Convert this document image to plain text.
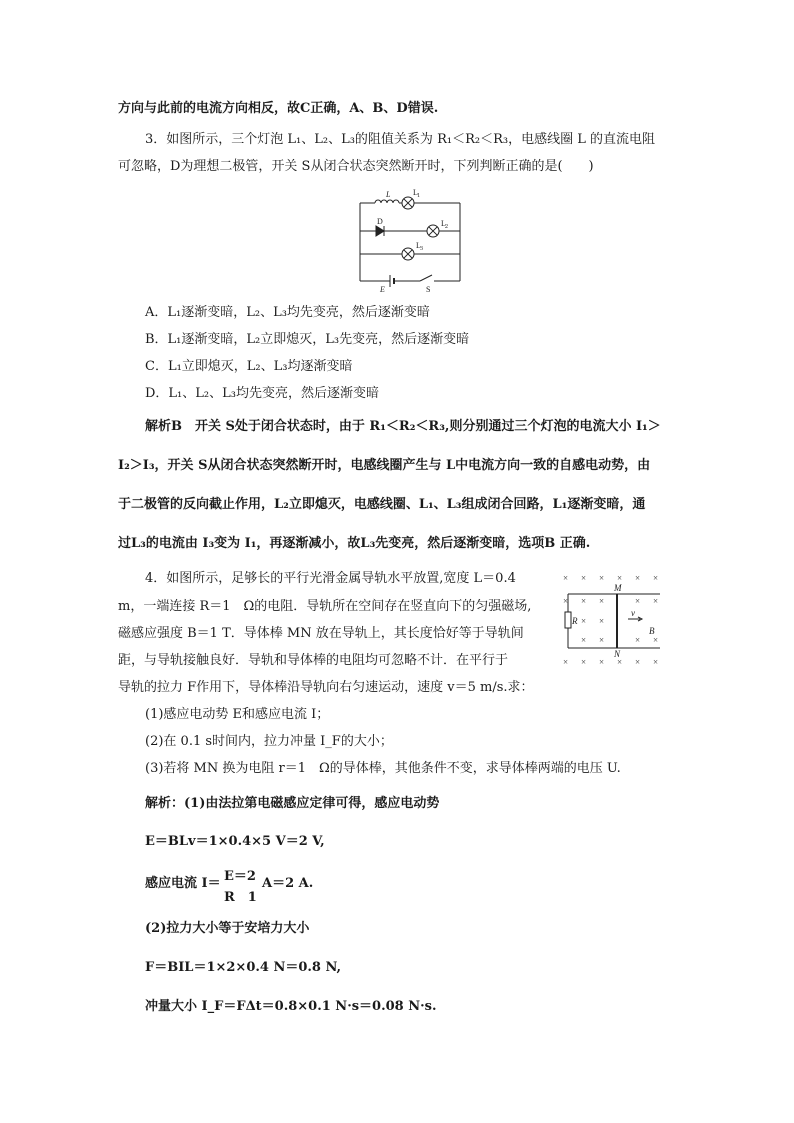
方向与此前的电流方向相反，故C正确，A、B、D错误.
3．如图所示，三个灯泡 L₁、L₂、L₃的阻值关系为 R₁＜R₂＜R₃，电感线圈 L 的直流电阻
可忽略，D为理想二极管，开关 S从闭合状态突然断开时，下列判断正确的是(　　)
L	L 1
D	L 2
L 3
E	S
A．L₁逐渐变暗，L₂、L₃均先变亮，然后逐渐变暗
B．L₁逐渐变暗，L₂立即熄灭，L₃先变亮，然后逐渐变暗
C．L₁立即熄灭，L₂、L₃均逐渐变暗
D．L₁、L₂、L₃均先变亮，然后逐渐变暗
解析B　开关 S处于闭合状态时，由于 R₁＜R₂＜R₃,则分别通过三个灯泡的电流大小 I₁＞
I₂＞I₃，开关 S从闭合状态突然断开时，电感线圈产生与 L中电流方向一致的自感电动势，由
于二极管的反向截止作用，L₂立即熄灭，电感线圈、L₁、L₃组成闭合回路，L₁逐渐变暗，通
过L₃的电流由 I₃变为 I₁，再逐渐减小，故L₃先变亮，然后逐渐变暗，选项B 正确.
4．如图所示，足够长的平行光滑金属导轨水平放置,宽度 L＝0.4
m，一端连接 R＝1　Ω的电阻．导轨所在空间存在竖直向下的匀强磁场,
磁感应强度 B＝1 T．导体棒 MN 放在导轨上，其长度恰好等于导轨间
距，与导轨接触良好．导轨和导体棒的电阻均可忽略不计．在平行于
导轨的拉力 F作用下，导体棒沿导轨向右匀速运动，速度 v＝5 m/s.求：
× × × × × ×
× × ×	× ×
× ×
× ×	× ×
× × × × × ×
R
M
N
v
B
(1)感应电动势 E和感应电流 I；
(2)在 0.1 s时间内，拉力冲量 I_F的大小；
(3)若将 MN 换为电阻 r＝1　Ω的导体棒，其他条件不变，求导体棒两端的电压 U.
解析：(1)由法拉第电磁感应定律可得，感应电动势
E＝BLv＝1×0.4×5 V＝2 V,
感应电流 I＝ E＝2
R　1
A＝2 A.
(2)拉力大小等于安培力大小
F＝BIL＝1×2×0.4 N＝0.8 N,
冲量大小 I_F＝FΔt＝0.8×0.1 N·s＝0.08 N·s.
